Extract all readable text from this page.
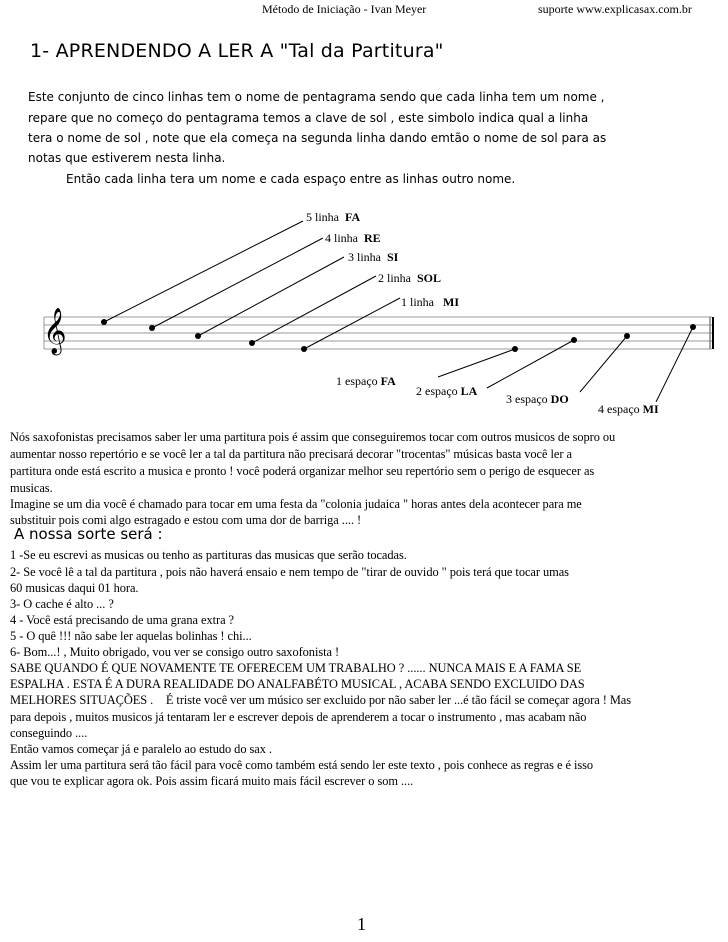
Método de Iniciação - Ivan Meyer	suporte www.explicasax.com.br
1- APRENDENDO A LER A "Tal da Partitura"
Este conjunto de cinco linhas tem o nome de pentagrama sendo que cada linha tem um nome ,
repare que no começo do pentagrama temos a clave de sol , este simbolo indica qual a linha
tera o nome de sol , note que ela começa na segunda linha dando emtão o nome de sol para as
notas que estiverem nesta linha.
Então cada linha tera um nome e cada espaço entre as linhas outro nome.
𝄞
5 linha FA
4 linha RE
3 linha SI
2 linha SOL
1 linha MI
1 espaço FA
2 espaço LA
3 espaço DO
4 espaço MI
Nós saxofonistas precisamos saber ler uma partitura pois é assim que conseguiremos tocar com outros musicos de sopro ou
aumentar nosso repertório e se você ler a tal da partitura não precisará decorar "trocentas" músicas basta você ler a
partitura onde está escrito a musica e pronto ! você poderá organizar melhor seu repertório sem o perigo de esquecer as
musicas.
Imagine se um dia você é chamado para tocar em uma festa da "colonia judaica " horas antes dela acontecer para me
substituir pois comi algo estragado e estou com uma dor de barriga .... !
A nossa sorte será :
1 -Se eu escrevi as musicas ou tenho as partituras das musicas que serão tocadas.
2- Se você lê a tal da partitura , pois não haverá ensaio e nem tempo de "tirar de ouvido " pois terá que tocar umas
60 musicas daqui 01 hora.
3- O cache é alto ... ?
4 - Você está precisando de uma grana extra ?
5 - O quê !!! não sabe ler aquelas bolinhas ! chi...
6- Bom...! , Muito obrigado, vou ver se consigo outro saxofonista !
SABE QUANDO É QUE NOVAMENTE TE OFERECEM UM TRABALHO ? ...... NUNCA MAIS E A FAMA SE
ESPALHA . ESTA É A DURA REALIDADE DO ANALFABÉTO MUSICAL , ACABA SENDO EXCLUIDO DAS
MELHORES SITUAÇÕES . É triste você ver um músico ser excluido por não saber ler ...é tão fácil se começar agora ! Mas
para depois , muitos musicos já tentaram ler e escrever depois de aprenderem a tocar o instrumento , mas acabam não
conseguindo ....
Então vamos começar já e paralelo ao estudo do sax .
Assim ler uma partitura será tão fácil para você como também está sendo ler este texto , pois conhece as regras e é isso
que vou te explicar agora ok. Pois assim ficará muito mais fácil escrever o som ....
1
